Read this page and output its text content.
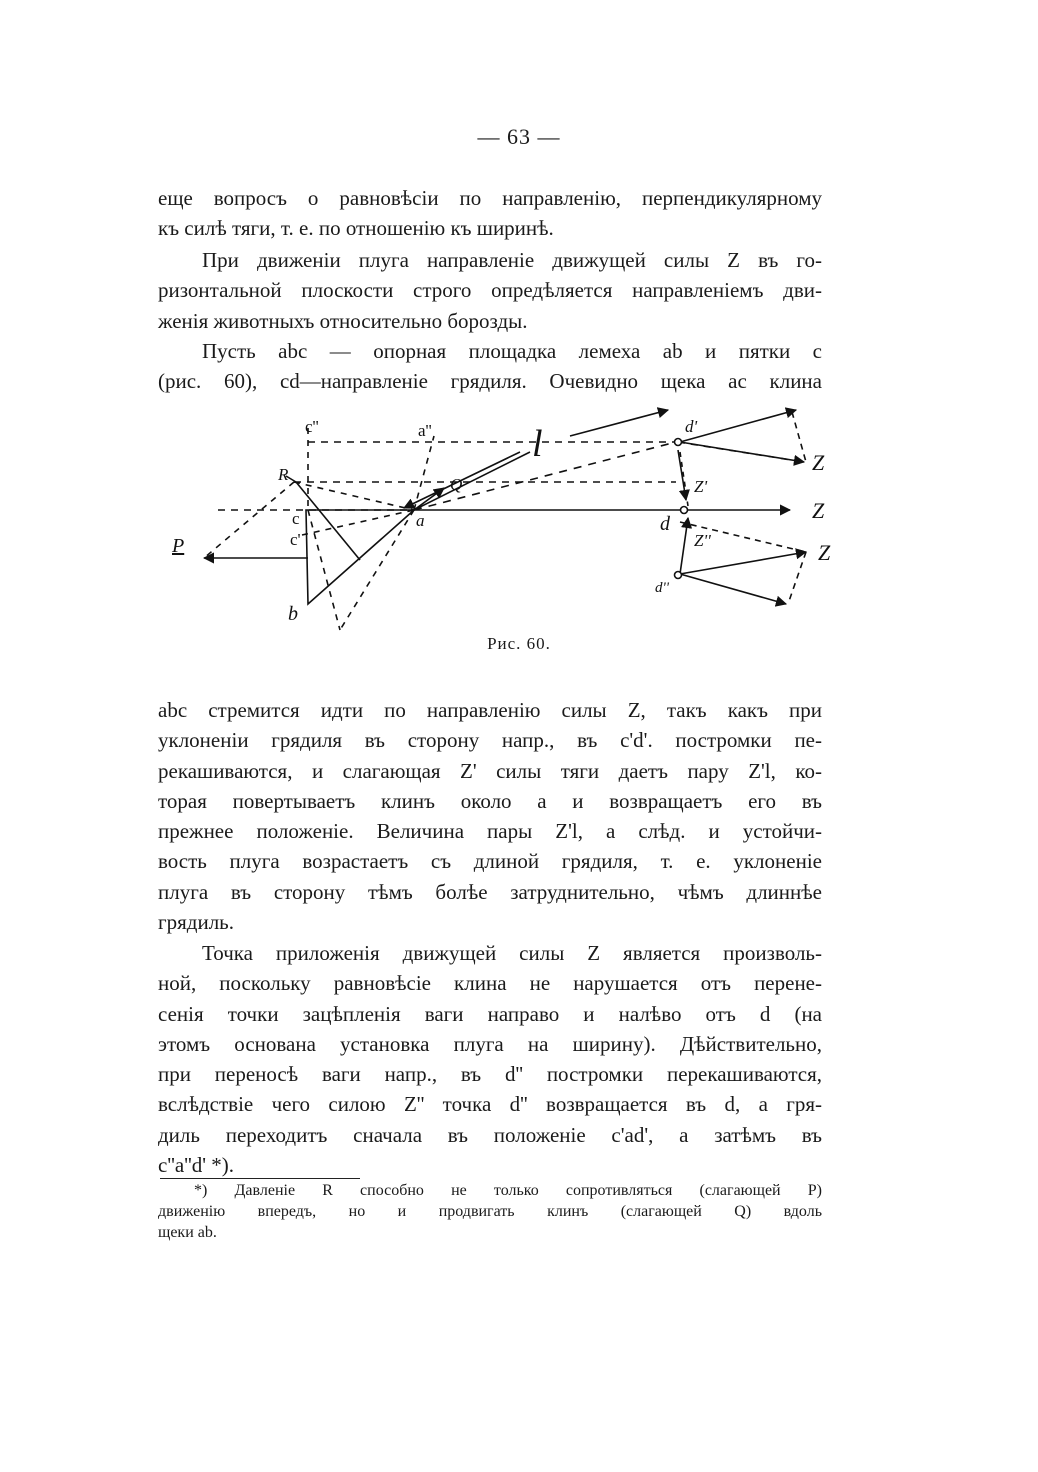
— 63 —

еще вопросъ о равновѣсіи по направленію, перпендикулярному
къ силѣ тяги, т. е. по отношенію къ ширинѣ.

При движеніи плуга направленіе движущей силы Z въ го-
ризонтальной плоскости строго опредѣляется направленіемъ дви-
женія животныхъ относительно борозды.

Пусть abc — опорная площадка лемеха ab и пятки c
(рис. 60), cd—направленіе грядиля. Очевидно щека ac клина

c''	a''	l	d'
R
Q	Z'
Z
c	a	d
Z
c'
P	Z''	Z
d''
b
Рис. 60.

abc стремится идти по направленію силы Z, такъ какъ при
уклоненіи грядиля въ сторону напр., въ c'd'. постромки пе-
рекашиваются, и слагающая Z' силы тяги даетъ пару Z'l, ко-
торая повертываетъ клинъ около a и возвращаетъ его въ
прежнее положеніе. Величина пары Z'l, а слѣд. и устойчи-
вость плуга возрастаетъ съ длиной грядиля, т. е. уклоненіе
плуга въ сторону тѣмъ болѣе затруднительно, чѣмъ длиннѣе
грядиль.

Точка приложенія движущей силы Z является произволь-
ной, поскольку равновѣсіе клина не нарушается отъ перене-
сенія точки зацѣпленія ваги направо и налѣво отъ d (на
этомъ основана установка плуга на ширину). Дѣйствительно,
при переносѣ ваги напр., въ d'' постромки перекашиваются,
вслѣдствіе чего силою Z'' точка d'' возвращается въ d, а гря-
диль переходитъ сначала въ положеніе c'ad', а затѣмъ въ
c''a''d' *).

*) Давленіе R способно не только сопротивляться (слагающей P)
движенію впередъ, но и продвигать клинъ (слагающей Q) вдоль
щеки ab.
